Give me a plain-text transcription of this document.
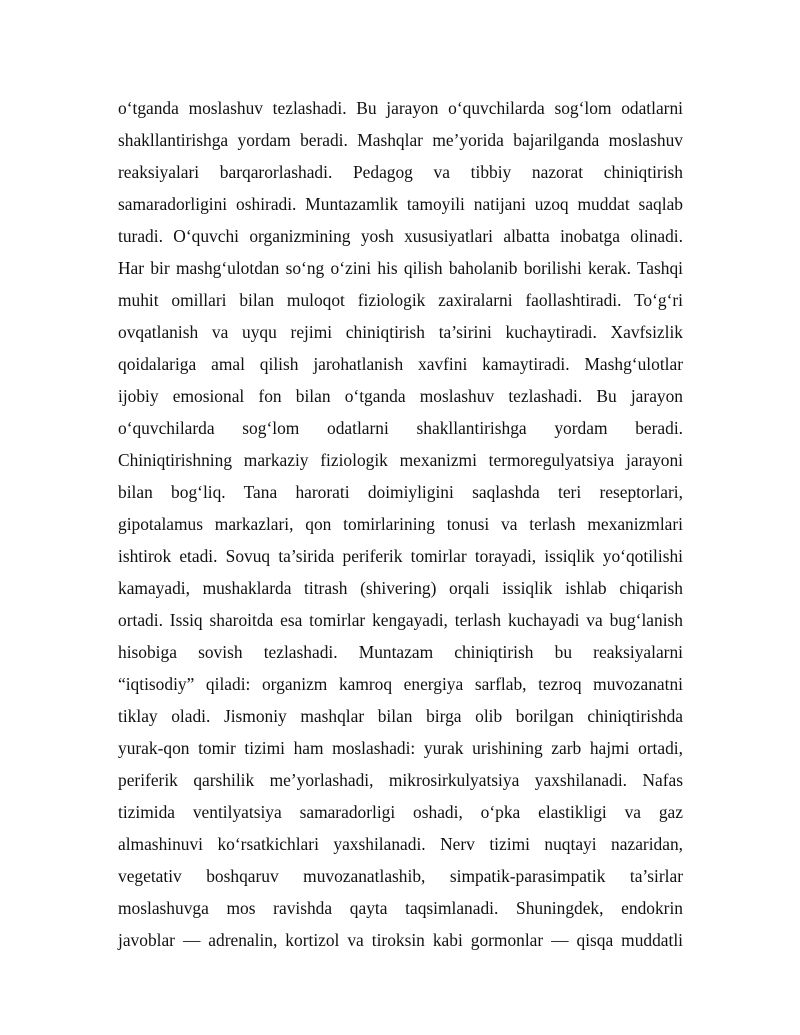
o‘tganda moslashuv tezlashadi. Bu jarayon o‘quvchilarda sog‘lom odatlarni
shakllantirishga yordam beradi. Mashqlar me’yorida bajarilganda moslashuv
reaksiyalari barqarorlashadi. Pedagog va tibbiy nazorat chiniqtirish
samaradorligini oshiradi. Muntazamlik tamoyili natijani uzoq muddat saqlab
turadi. O‘quvchi organizmining yosh xususiyatlari albatta inobatga olinadi.
Har bir mashg‘ulotdan so‘ng o‘zini his qilish baholanib borilishi kerak. Tashqi
muhit omillari bilan muloqot fiziologik zaxiralarni faollashtiradi. To‘g‘ri
ovqatlanish va uyqu rejimi chiniqtirish ta’sirini kuchaytiradi. Xavfsizlik
qoidalariga amal qilish jarohatlanish xavfini kamaytiradi. Mashg‘ulotlar
ijobiy emosional fon bilan o‘tganda moslashuv tezlashadi. Bu jarayon
o‘quvchilarda sog‘lom odatlarni shakllantirishga yordam beradi.
Chiniqtirishning markaziy fiziologik mexanizmi termoregulyatsiya jarayoni
bilan bog‘liq. Tana harorati doimiyligini saqlashda teri reseptorlari,
gipotalamus markazlari, qon tomirlarining tonusi va terlash mexanizmlari
ishtirok etadi. Sovuq ta’sirida periferik tomirlar torayadi, issiqlik yo‘qotilishi
kamayadi, mushaklarda titrash (shivering) orqali issiqlik ishlab chiqarish
ortadi. Issiq sharoitda esa tomirlar kengayadi, terlash kuchayadi va bug‘lanish
hisobiga sovish tezlashadi. Muntazam chiniqtirish bu reaksiyalarni
“iqtisodiy” qiladi: organizm kamroq energiya sarflab, tezroq muvozanatni
tiklay oladi. Jismoniy mashqlar bilan birga olib borilgan chiniqtirishda
yurak-qon tomir tizimi ham moslashadi: yurak urishining zarb hajmi ortadi,
periferik qarshilik me’yorlashadi, mikrosirkulyatsiya yaxshilanadi. Nafas
tizimida ventilyatsiya samaradorligi oshadi, o‘pka elastikligi va gaz
almashinuvi ko‘rsatkichlari yaxshilanadi. Nerv tizimi nuqtayi nazaridan,
vegetativ boshqaruv muvozanatlashib, simpatik-parasimpatik ta’sirlar
moslashuvga mos ravishda qayta taqsimlanadi. Shuningdek, endokrin
javoblar — adrenalin, kortizol va tiroksin kabi gormonlar — qisqa muddatli
